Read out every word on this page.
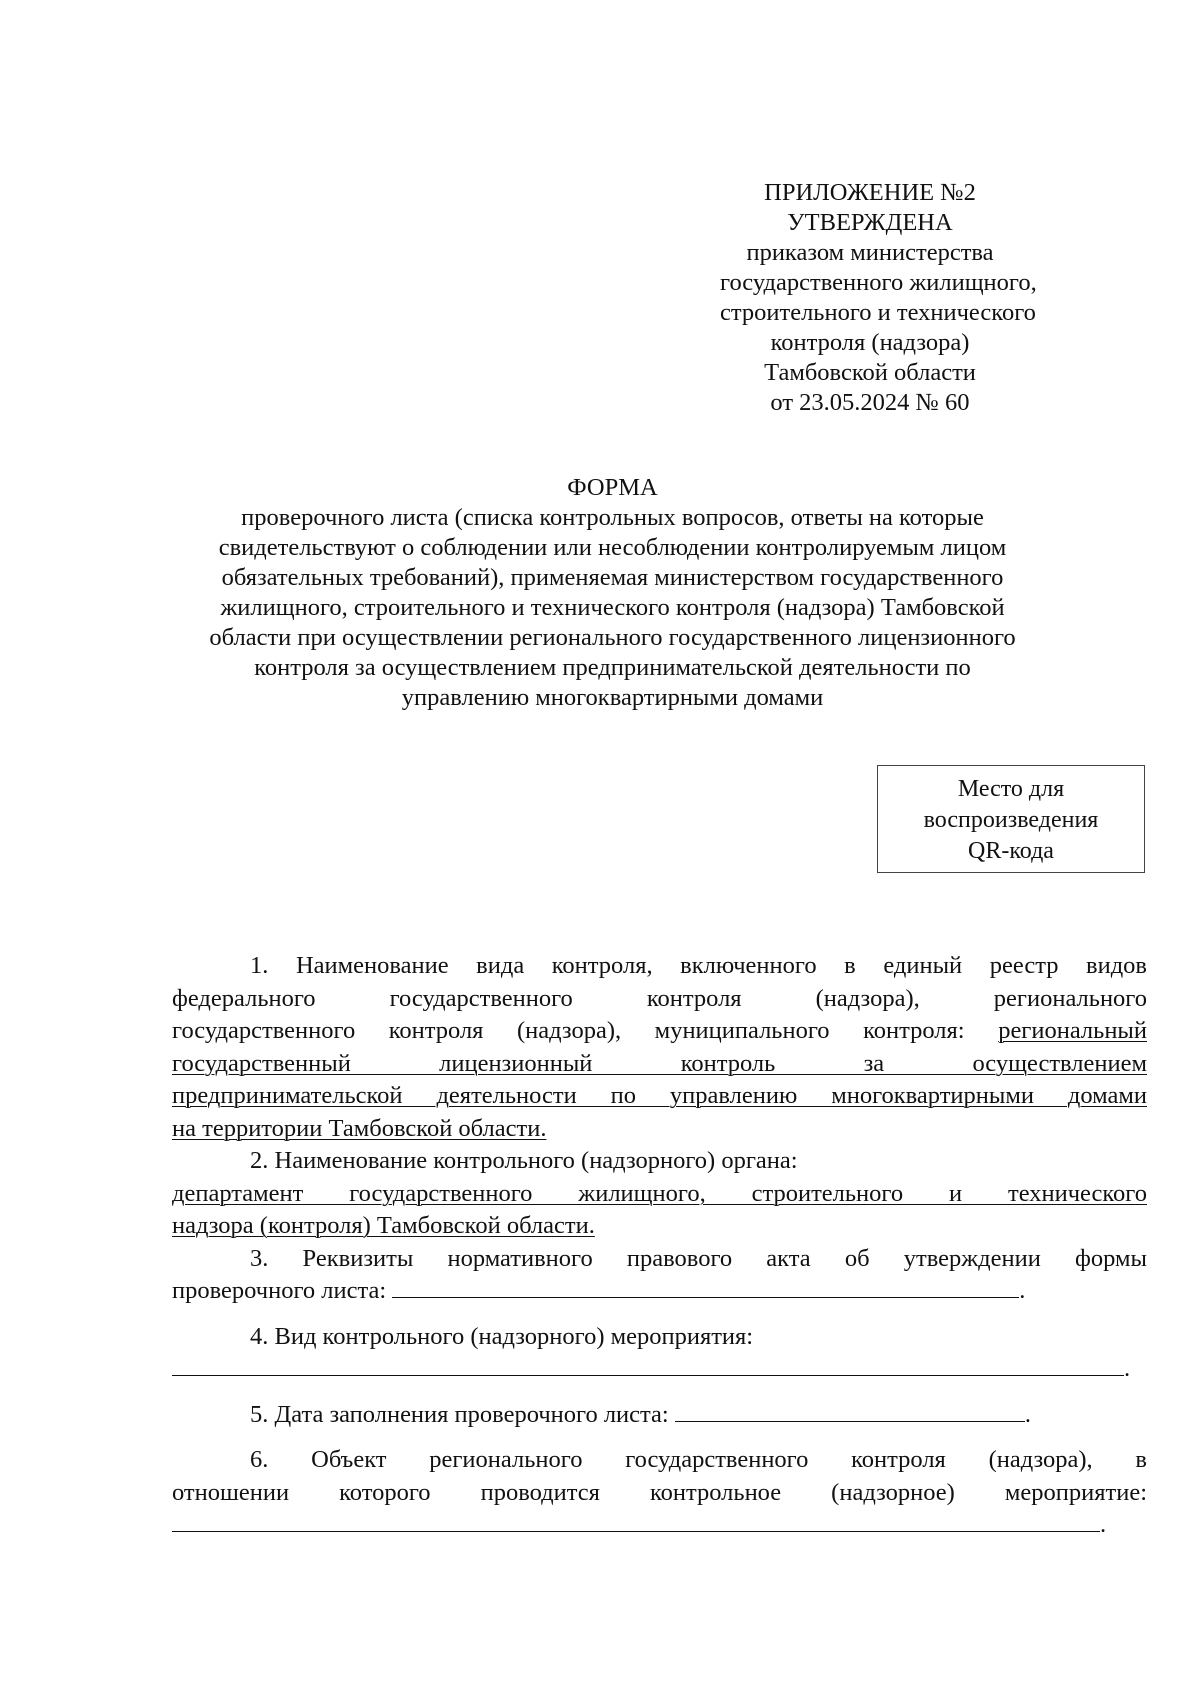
ПРИЛОЖЕНИЕ №2
УТВЕРЖДЕНА
приказом министерства
государственного жилищного,
строительного и технического
контроля (надзора)
Тамбовской области
от 23.05.2024 № 60
ФОРМА
проверочного листа (списка контрольных вопросов, ответы на которые
свидетельствуют о соблюдении или несоблюдении контролируемым лицом
обязательных требований), применяемая министерством государственного
жилищного, строительного и технического контроля (надзора) Тамбовской
области при осуществлении регионального государственного лицензионного
контроля за осуществлением предпринимательской деятельности по
управлению многоквартирными домами
Место для
воспроизведения
QR-кода
1. Наименование вида контроля, включенного в единый реестр видов
федерального государственного контроля (надзора), регионального
государственного контроля (надзора), муниципального контроля: региональный
государственный лицензионный контроль за осуществлением
предпринимательской деятельности по управлению многоквартирными домами
на территории Тамбовской области.
2. Наименование контрольного (надзорного) органа:
департамент государственного жилищного, строительного и технического
надзора (контроля) Тамбовской области.
3. Реквизиты нормативного правового акта об утверждении формы
проверочного листа:	.
4. Вид контрольного (надзорного) мероприятия:
.
5. Дата заполнения проверочного листа:	.
6. Объект регионального государственного контроля (надзора), в
отношении которого проводится контрольное (надзорное) мероприятие:
.
